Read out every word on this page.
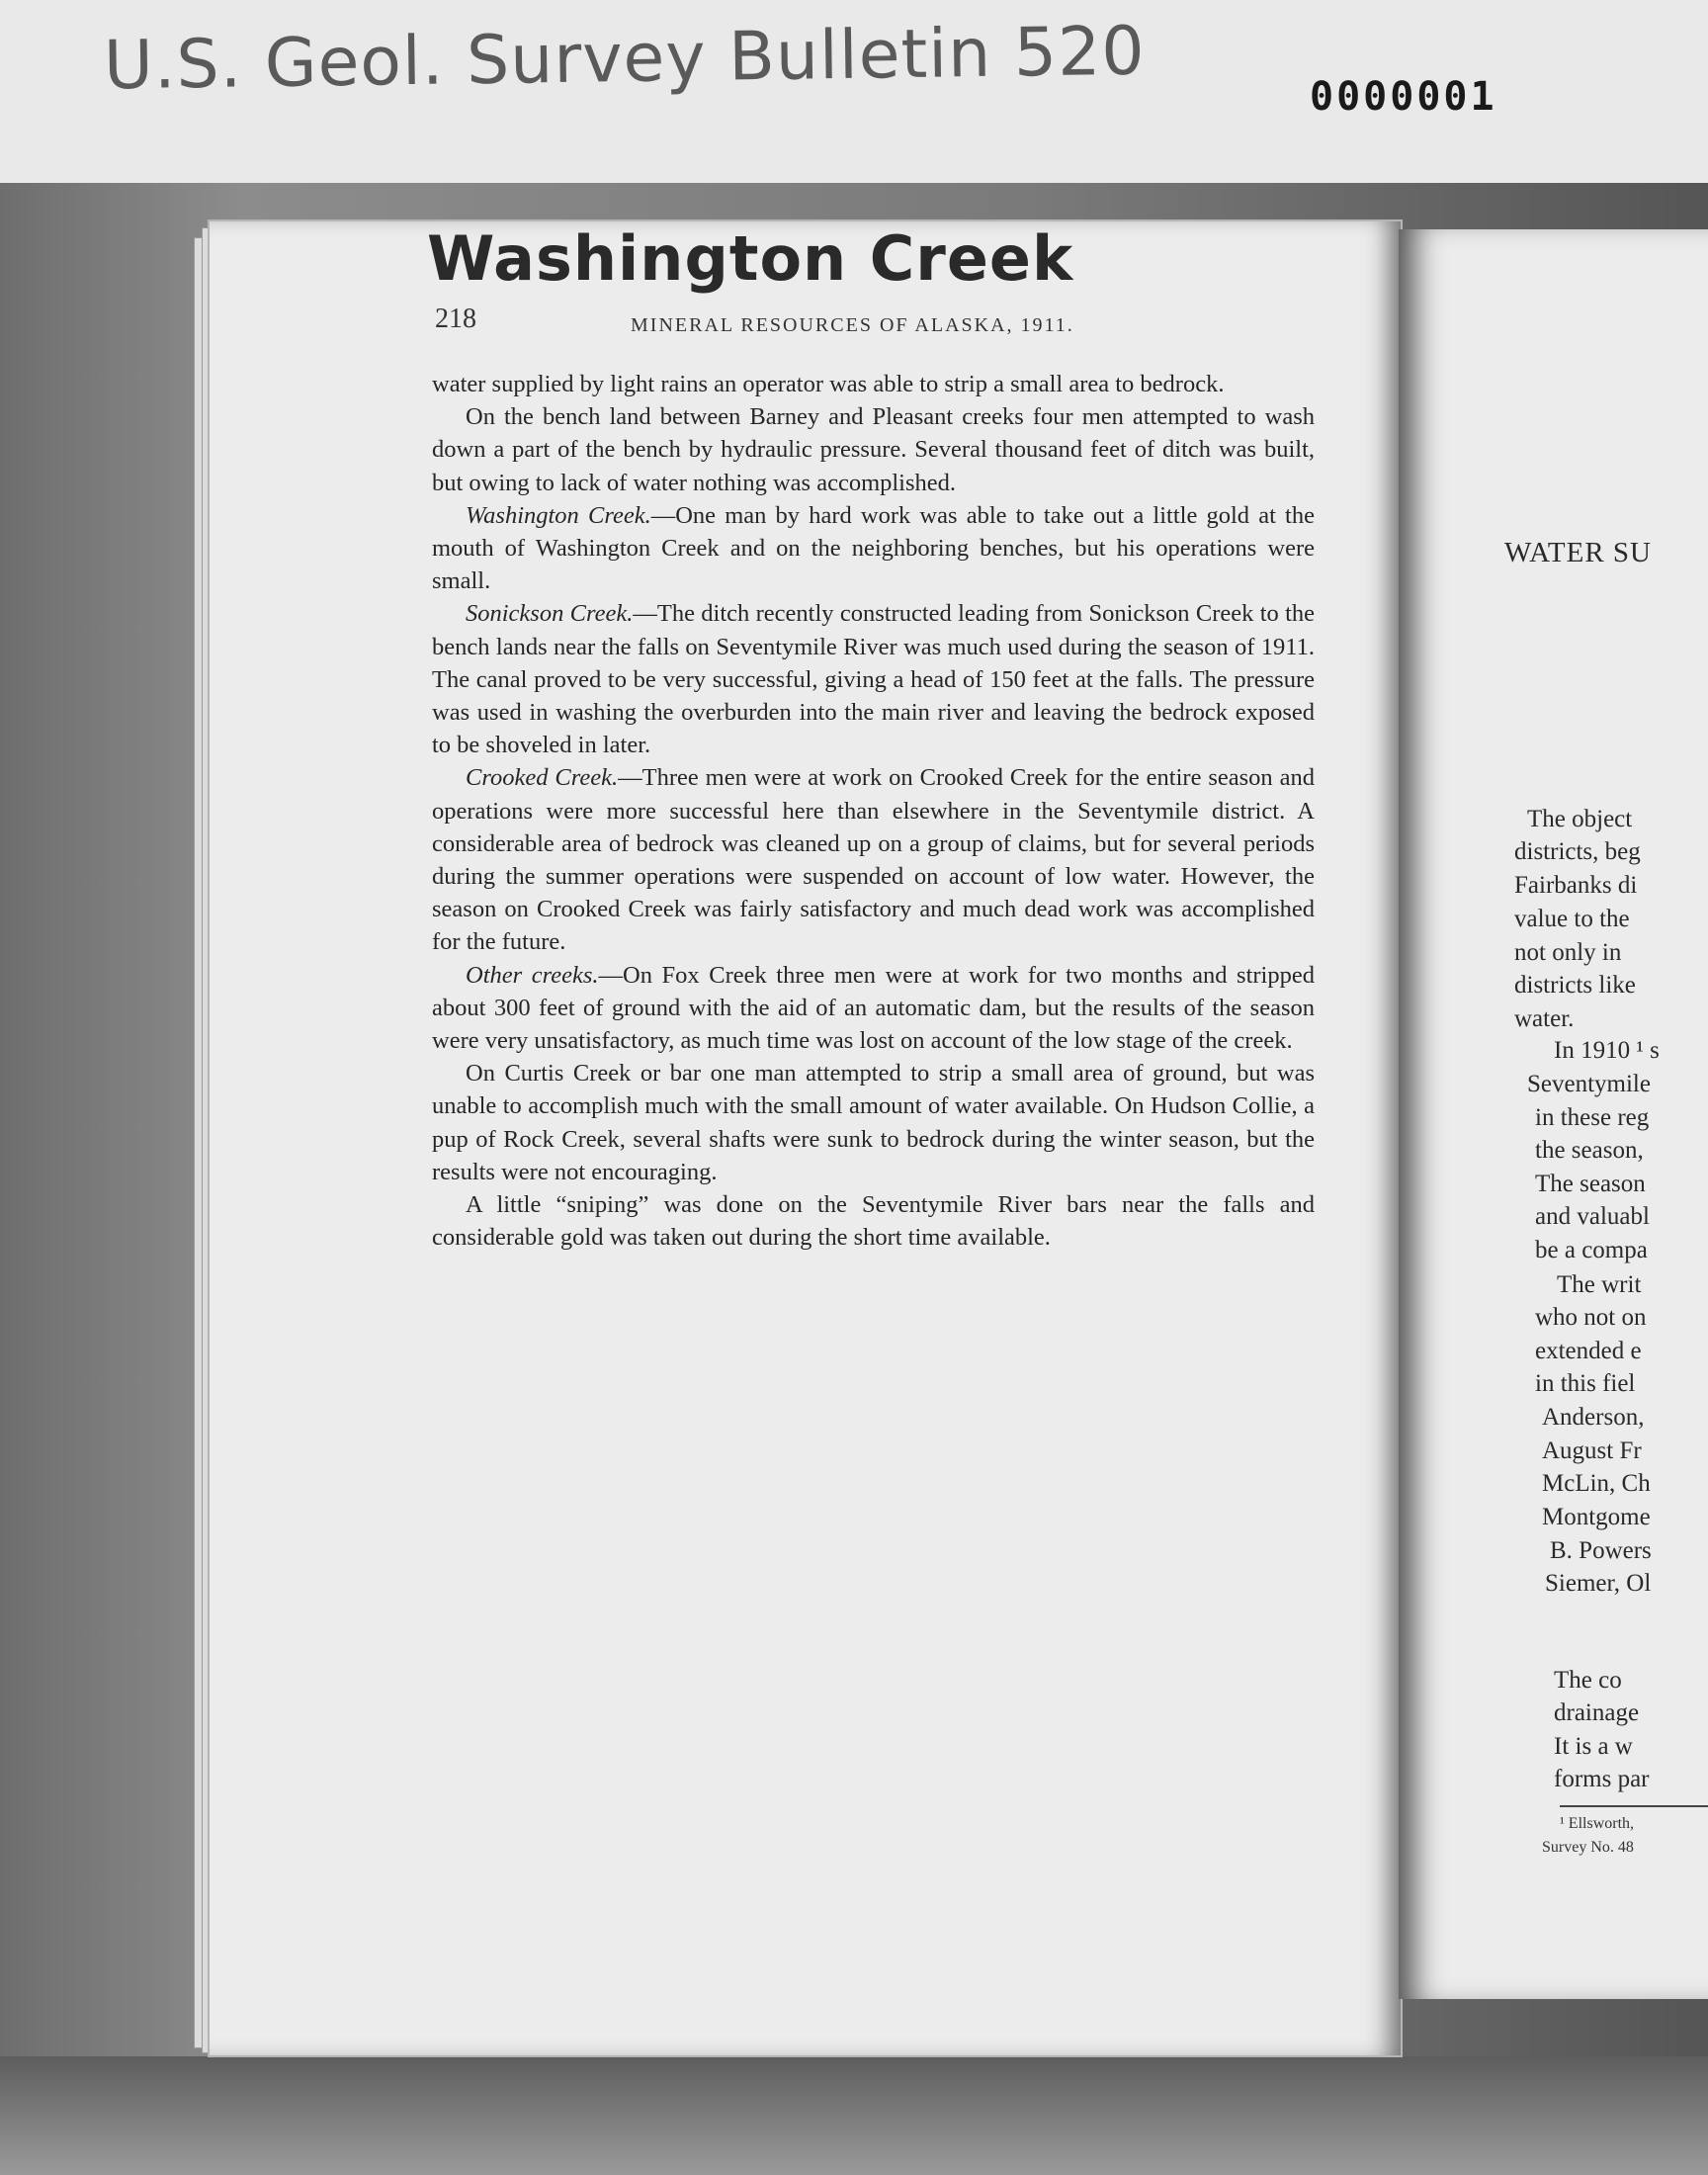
U.S. Geol. Survey Bulletin 520	0000001
Washington Creek
218	MINERAL RESOURCES OF ALASKA, 1911.

water supplied by light rains an operator was able to strip a small area to bedrock.

On the bench land between Barney and Pleasant creeks four men attempted to wash down a part of the bench by hydraulic pressure. Several thousand feet of ditch was built, but owing to lack of water nothing was accomplished.

Washington Creek.—One man by hard work was able to take out a little gold at the mouth of Washington Creek and on the neighboring benches, but his operations were small.

Sonickson Creek.—The ditch recently constructed leading from Sonickson Creek to the bench lands near the falls on Seventymile River was much used during the season of 1911. The canal proved to be very successful, giving a head of 150 feet at the falls. The pressure was used in washing the overburden into the main river and leaving the bedrock exposed to be shoveled in later.

Crooked Creek.—Three men were at work on Crooked Creek for the entire season and operations were more successful here than elsewhere in the Seventymile district. A considerable area of bedrock was cleaned up on a group of claims, but for several periods during the summer operations were suspended on account of low water. However, the season on Crooked Creek was fairly satisfactory and much dead work was accomplished for the future.

Other creeks.—On Fox Creek three men were at work for two months and stripped about 300 feet of ground with the aid of an automatic dam, but the results of the season were very unsatisfactory, as much time was lost on account of the low stage of the creek.

On Curtis Creek or bar one man attempted to strip a small area of ground, but was unable to accomplish much with the small amount of water available. On Hudson Collie, a pup of Rock Creek, several shafts were sunk to bedrock during the winter season, but the results were not encouraging.

A little “sniping” was done on the Seventymile River bars near the falls and considerable gold was taken out during the short time available.

WATER SU
The object
districts, beg
Fairbanks di
value to the
not only in
districts like
water.
In 1910 ¹ s
Seventymile
in these reg
the season,
The season
and valuabl
be a compa
The writ
who not on
extended e
in this fiel
Anderson,
August Fr
McLin, Ch
Montgome
B. Powers
Siemer, Ol
The co
drainage
It is a w
forms par
¹ Ellsworth,
Survey No. 48
